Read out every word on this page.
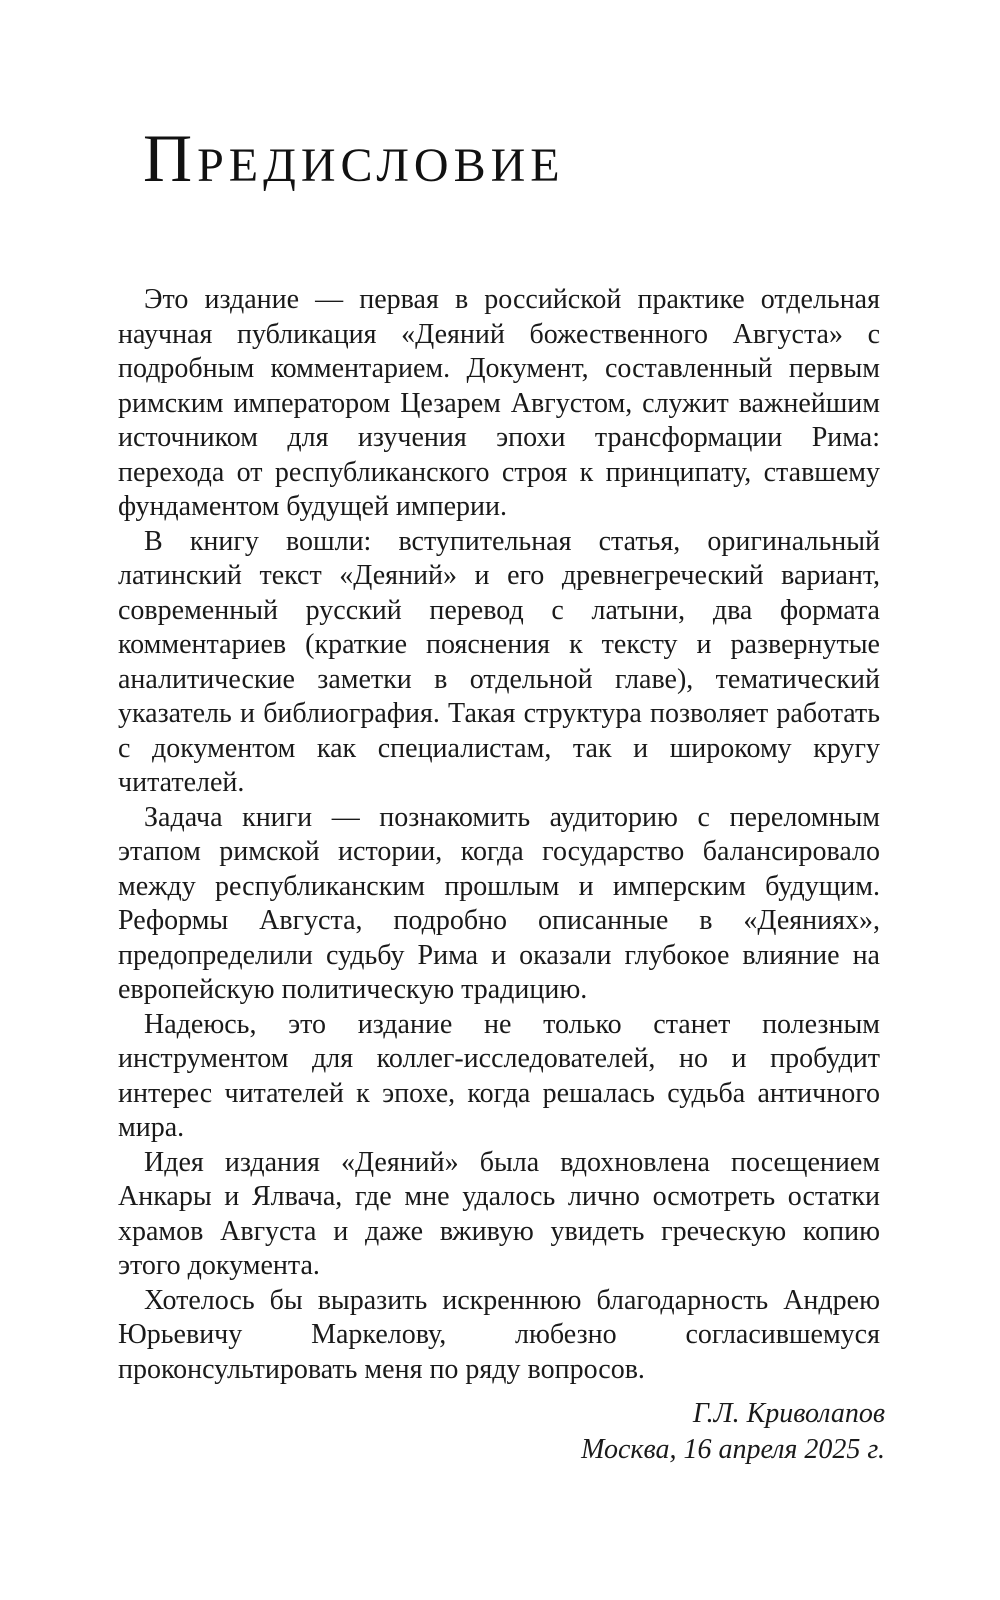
Предисловие

Это издание — первая в российской практике отдельная научная публикация «Деяний божественного Августа» с подробным комментарием. Документ, составленный первым римским императором Цезарем Августом, служит важнейшим источником для изучения эпохи трансформации Рима: перехода от республиканского строя к принципату, ставшему фундаментом будущей империи.

В книгу вошли: вступительная статья, оригинальный латинский текст «Деяний» и его древнегреческий вариант, современный русский перевод с латыни, два формата комментариев (краткие пояснения к тексту и развернутые аналитические заметки в отдельной главе), тематический указатель и библиография. Такая структура позволяет работать с документом как специалистам, так и широкому кругу читателей.

Задача книги — познакомить аудиторию с переломным этапом римской истории, когда государство балансировало между республиканским прошлым и имперским будущим. Реформы Августа, подробно описанные в «Деяниях», предопределили судьбу Рима и оказали глубокое влияние на европейскую политическую традицию.

Надеюсь, это издание не только станет полезным инструментом для коллег-исследователей, но и пробудит интерес читателей к эпохе, когда решалась судьба античного мира.

Идея издания «Деяний» была вдохновлена посещением Анкары и Ялвача, где мне удалось лично осмотреть остатки храмов Августа и даже вживую увидеть греческую копию этого документа.

Хотелось бы выразить искреннюю благодарность Андрею Юрьевичу Маркелову, любезно согласившемуся проконсультировать меня по ряду вопросов.

Г.Л. Криволапов
Москва, 16 апреля 2025 г.
